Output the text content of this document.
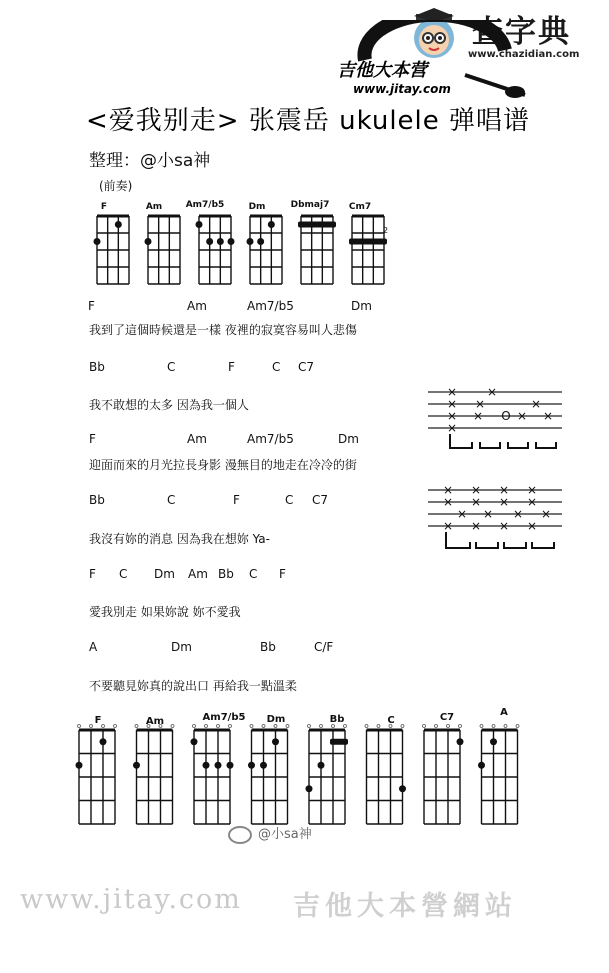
查字典
www.chazidian.com
吉他大本营
www.jitay.com
<爱我别走> 张震岳 ukulele 弹唱谱
整理：@小sa神
(前奏)
F	Am	Am7/b5	Dm	Dbmaj7	Cm7
2
F	Am	Am7/b5	Dm
我到了這個時候還是一樣 夜裡的寂寞容易叫人悲傷
Bb	C	F	C C7
我不敢想的太多 因為我一個人
F	Am	Am7/b5	Dm
迎面而來的月光拉長身影 漫無目的地走在冷冷的街
Bb	C	F	C C7
我沒有妳的消息 因為我在想妳 Ya-
F C Dm Am Bb C F
愛我別走 如果妳說 妳不愛我
A	Dm	Bb	C/F
不要聽見妳真的說出口 再給我一點溫柔
× ×
× ×	×
× × O × ×
×
× × × ×
× × × ×
× × × ×
× × × ×
F	Am	Am7/b5	Dm	Bb	C	C7	A
@小sa神
www.jitay.com 吉他大本營網站
